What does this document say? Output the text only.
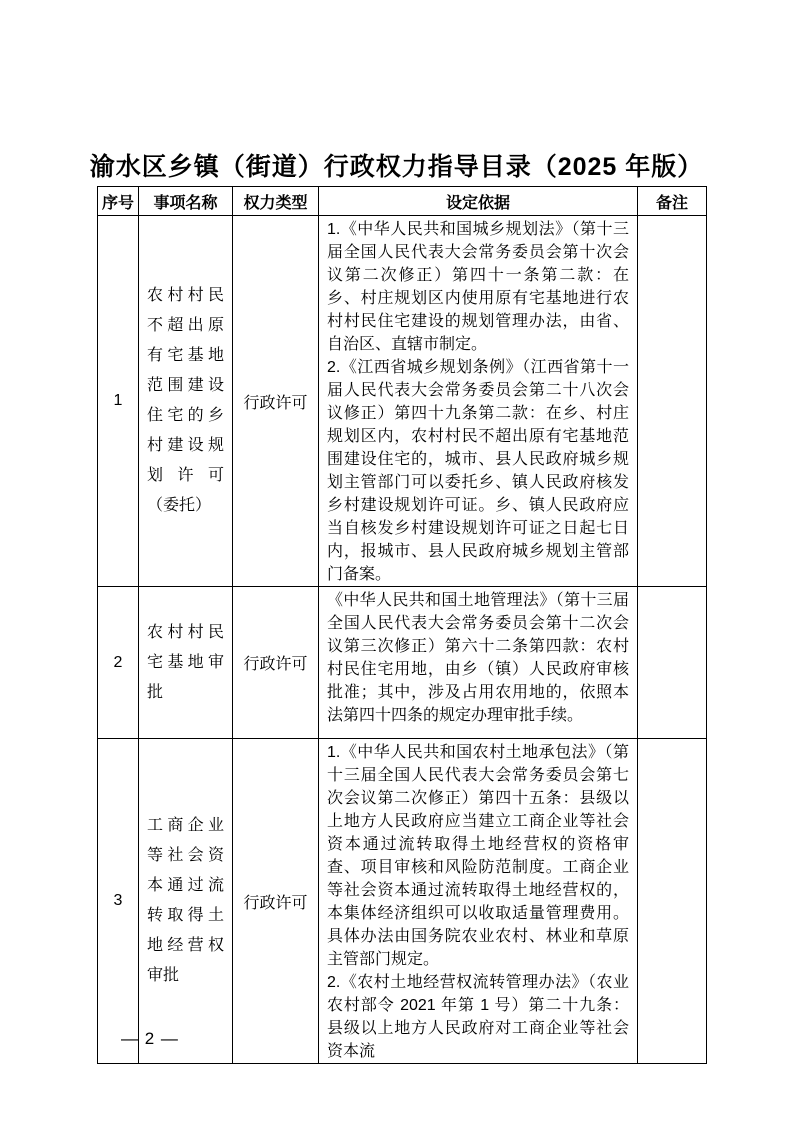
渝水区乡镇（街道）行政权力指导目录（2025 年版）
序号	事项名称	权力类型	设定依据	备注
1	农村村民不超出原有宅基地范围建设住宅的乡村建设规划许可（委托）	行政许可	1.《中华人民共和国城乡规划法》（第十三届全国人民代表大会常务委员会第十次会议第二次修正）第四十一条第二款：在乡、村庄规划区内使用原有宅基地进行农村村民住宅建设的规划管理办法，由省、自治区、直辖市制定。

2.《江西省城乡规划条例》（江西省第十一届人民代表大会常务委员会第二十八次会议修正）第四十九条第二款：在乡、村庄规划区内，农村村民不超出原有宅基地范围建设住宅的，城市、县人民政府城乡规划主管部门可以委托乡、镇人民政府核发乡村建设规划许可证。乡、镇人民政府应当自核发乡村建设规划许可证之日起七日内，报城市、县人民政府城乡规划主管部门备案。	

2	农村村民宅基地审批	行政许可	《中华人民共和国土地管理法》（第十三届全国人民代表大会常务委员会第十二次会议第三次修正）第六十二条第四款：农村村民住宅用地，由乡（镇）人民政府审核批准；其中，涉及占用农用地的，依照本法第四十四条的规定办理审批手续。	

3	工商企业等社会资本通过流转取得土地经营权审批	行政许可	1.《中华人民共和国农村土地承包法》（第十三届全国人民代表大会常务委员会第七次会议第二次修正）第四十五条：县级以上地方人民政府应当建立工商企业等社会资本通过流转取得土地经营权的资格审查、项目审核和风险防范制度。工商企业等社会资本通过流转取得土地经营权的，本集体经济组织可以收取适量管理费用。具体办法由国务院农业农村、林业和草原主管部门规定。

2.《农村土地经营权流转管理办法》（农业农村部令 2021 年第 1 号）第二十九条：县级以上地方人民政府对工商企业等社会资本流	

— 2 —
